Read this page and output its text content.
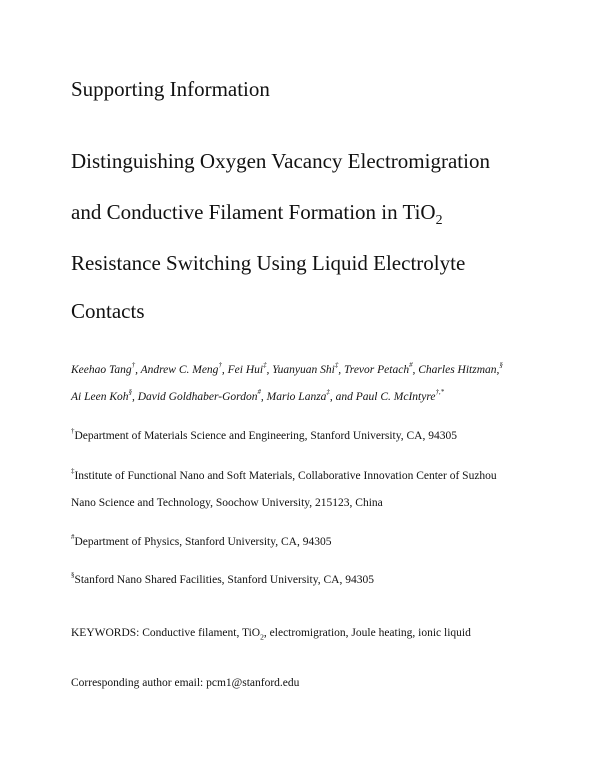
Supporting Information
Distinguishing Oxygen Vacancy Electromigration
and Conductive Filament Formation in TiO$_2$
Resistance Switching Using Liquid Electrolyte
Contacts
Keehao Tang†, Andrew C. Meng†, Fei Hui‡, Yuanyuan Shi‡, Trevor Petach#, Charles Hitzman,§
Ai Leen Koh§, David Goldhaber-Gordon#, Mario Lanza‡, and Paul C. McIntyre†,*
†Department of Materials Science and Engineering, Stanford University, CA, 94305
‡Institute of Functional Nano and Soft Materials, Collaborative Innovation Center of Suzhou
Nano Science and Technology, Soochow University, 215123, China
#Department of Physics, Stanford University, CA, 94305
§Stanford Nano Shared Facilities, Stanford University, CA, 94305
KEYWORDS: Conductive filament, TiO$_2$, electromigration, Joule heating, ionic liquid
Corresponding author email: pcm1@stanford.edu
